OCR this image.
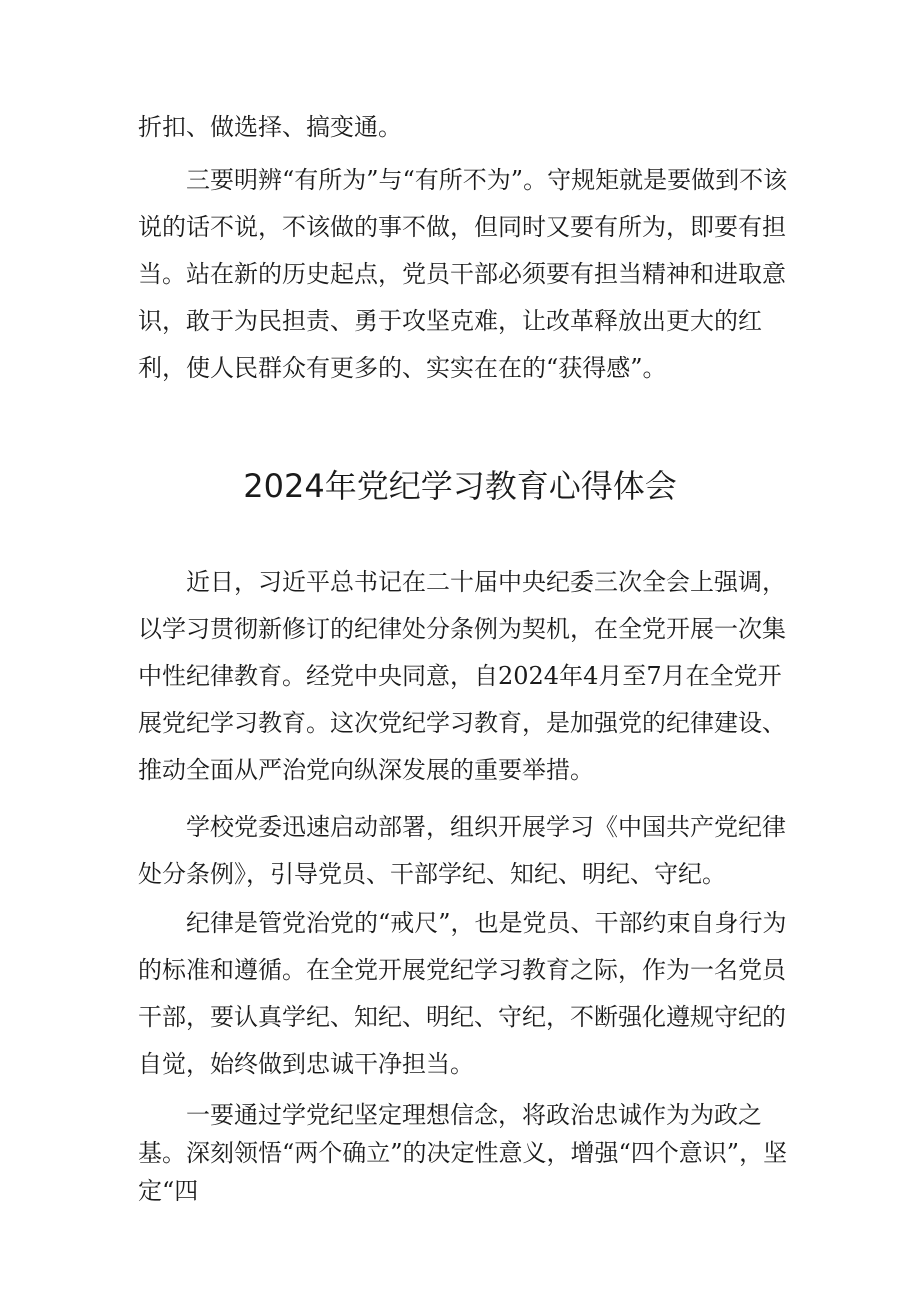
折扣、做选择、搞变通。

　　三要明辨“有所为”与“有所不为”。守规矩就是要做到不该说的话不说，不该做的事不做，但同时又要有所为，即要有担当。站在新的历史起点，党员干部必须要有担当精神和进取意识，敢于为民担责、勇于攻坚克难，让改革释放出更大的红利，使人民群众有更多的、实实在在的“获得感”。

2024年党纪学习教育心得体会

　　近日，习近平总书记在二十届中央纪委三次全会上强调，以学习贯彻新修订的纪律处分条例为契机，在全党开展一次集中性纪律教育。经党中央同意，自2024年4月至7月在全党开展党纪学习教育。这次党纪学习教育，是加强党的纪律建设、推动全面从严治党向纵深发展的重要举措。

　　学校党委迅速启动部署，组织开展学习《中国共产党纪律处分条例》，引导党员、干部学纪、知纪、明纪、守纪。

　　纪律是管党治党的“戒尺”，也是党员、干部约束自身行为的标准和遵循。在全党开展党纪学习教育之际，作为一名党员干部，要认真学纪、知纪、明纪、守纪，不断强化遵规守纪的自觉，始终做到忠诚干净担当。

　　一要通过学党纪坚定理想信念，将政治忠诚作为为政之基。深刻领悟“两个确立”的决定性意义，增强“四个意识”，坚定“四
